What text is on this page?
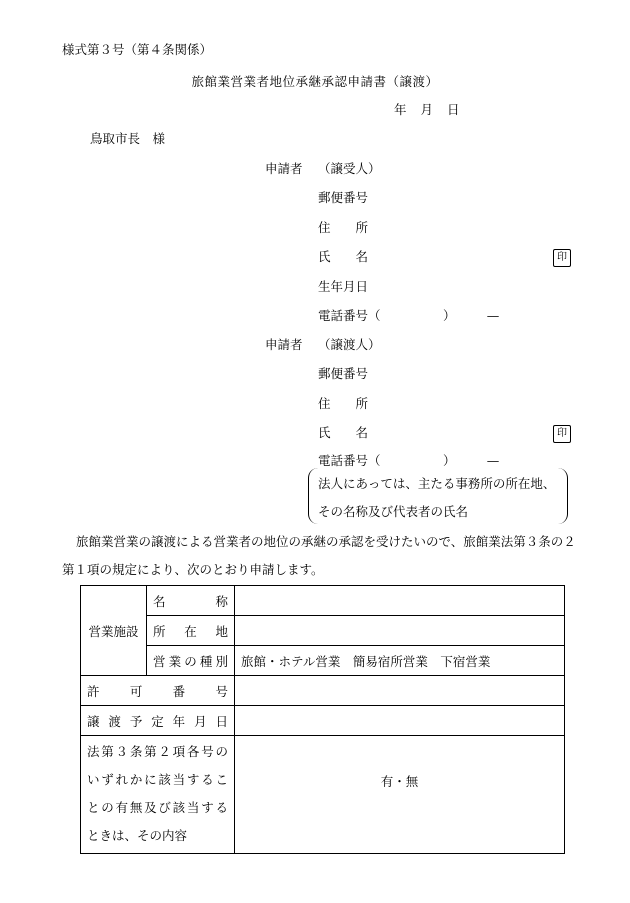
様式第３号（第４条関係）
旅館業営業者地位承継承認申請書（譲渡）
年 月 日
鳥取市長　様
申請者 （譲受人）
郵便番号
住　　所
氏　　名	印
生年月日
電話番号（　　　　　）　　　—
申請者 （譲渡人）
郵便番号
住　　所
氏　　名	印
電話番号（　　　　　）　　　—
法人にあっては、主たる事務所の所在地、
その名称及び代表者の氏名
旅館業営業の譲渡による営業者の地位の承継の承認を受けたいので、旅館業法第３条の２第１項の規定により、次のとおり申請します。
営業施設	名　　称	
	所　在　地	
	営業の種別	旅館・ホテル営業　簡易宿所営業　下宿営業
許　可　番　号		
譲渡予定年月日		

法第３条第２項各号の
いずれかに該当するこ
との有無及び該当する
ときは、その内容		有・無
